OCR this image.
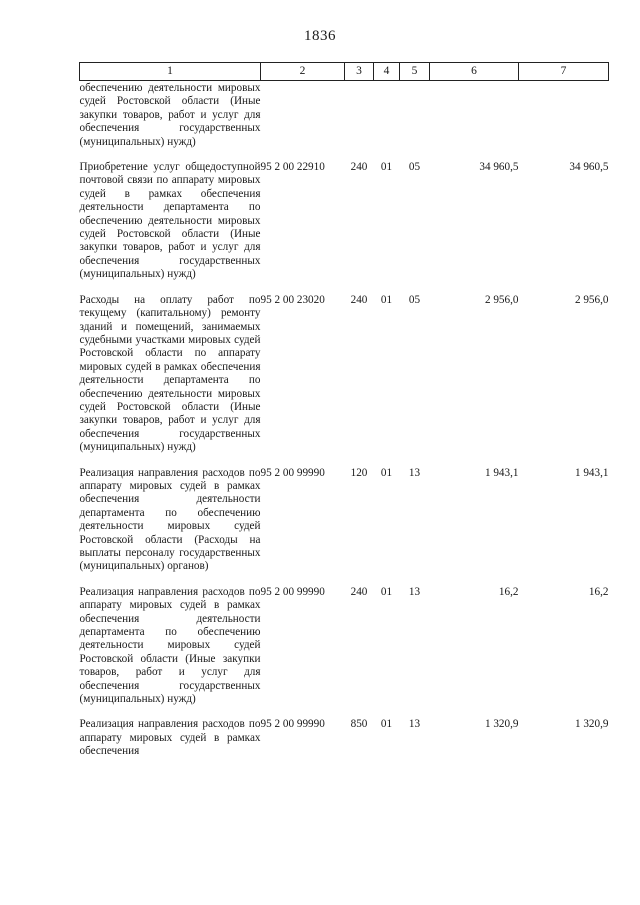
1836
1	2	3	4	5	6	7
обеспечению деятельности мировых судей Ростовской области (Иные закупки товаров, работ и услуг для обеспечения государственных (муниципальных) нужд)						

Приобретение услуг общедоступной почтовой связи по аппарату мировых судей в рамках обеспечения деятельности департамента по обеспечению деятельности мировых судей Ростовской области (Иные закупки товаров, работ и услуг для обеспечения государственных (муниципальных) нужд)	95 2 00 22910	240	01	05	34 960,5	34 960,5

Расходы на оплату работ по текущему (капитальному) ремонту зданий и помещений, занимаемых судебными участками мировых судей Ростовской области по аппарату мировых судей в рамках обеспечения деятельности департамента по обеспечению деятельности мировых судей Ростовской области (Иные закупки товаров, работ и услуг для обеспечения государственных (муниципальных) нужд)	95 2 00 23020	240	01	05	2 956,0	2 956,0

Реализация направления расходов по аппарату мировых судей в рамках обеспечения деятельности департамента по обеспечению деятельности мировых судей Ростовской области (Расходы на выплаты персоналу государственных (муниципальных) органов)	95 2 00 99990	120	01	13	1 943,1	1 943,1

Реализация направления расходов по аппарату мировых судей в рамках обеспечения деятельности департамента по обеспечению деятельности мировых судей Ростовской области (Иные закупки товаров, работ и услуг для обеспечения государственных (муниципальных) нужд)	95 2 00 99990	240	01	13	16,2	16,2

Реализация направления расходов по аппарату мировых судей в рамках обеспечения	95 2 00 99990	850	01	13	1 320,9	1 320,9
